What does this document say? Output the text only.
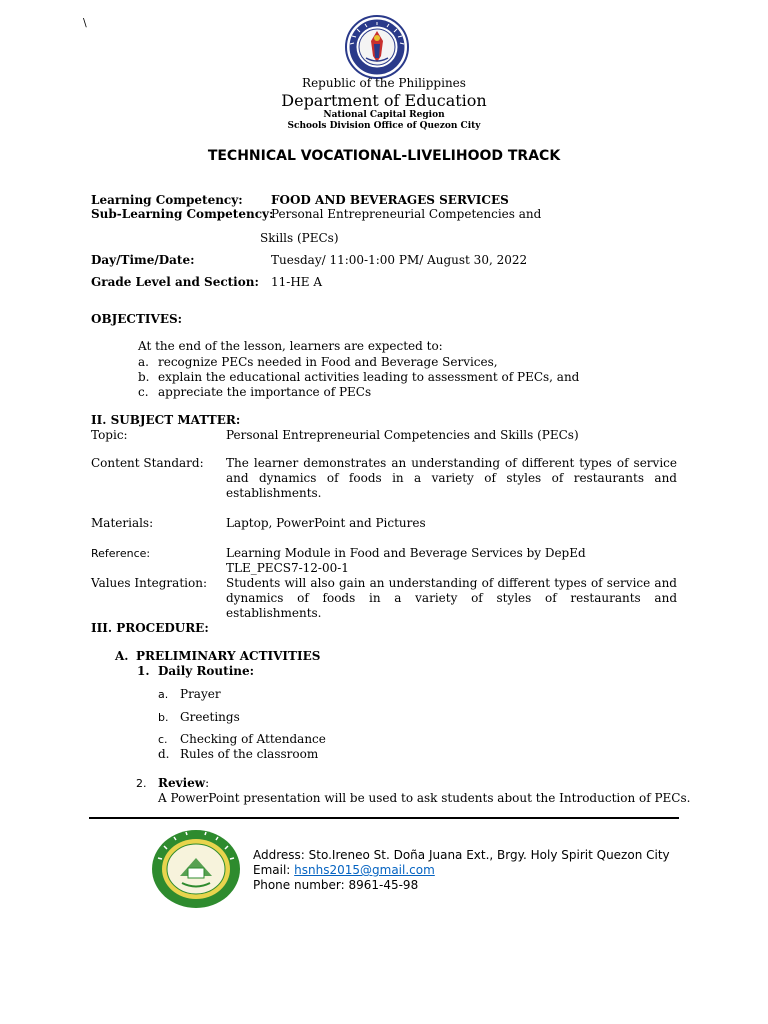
\
Republic of the Philippines
Department of Education
National Capital Region
Schools Division Office of Quezon City
TECHNICAL VOCATIONAL-LIVELIHOOD TRACK
Learning Competency: FOOD AND BEVERAGES SERVICES
Sub-Learning Competency:
Personal Entrepreneurial Competencies and
Skills (PECs)
Day/Time/Date:	Tuesday/ 11:00-1:00 PM/ August 30, 2022
Grade Level and Section: 11-HE A
OBJECTIVES:
At the end of the lesson, learners are expected to:
a. recognize PECs needed in Food and Beverage Services,
b. explain the educational activities leading to assessment of PECs, and
c. appreciate the importance of PECs
II. SUBJECT MATTER:
Topic:	Personal Entrepreneurial Competencies and Skills (PECs)
Content Standard: The learner demonstrates an understanding of different types of service and dynamics of foods in a variety of styles of restaurants and establishments.
Materials:	Laptop, PowerPoint and Pictures
Reference:	Learning Module in Food and Beverage Services by DepEd
TLE_PECS7-12-00-1
Values Integration: Students will also gain an understanding of different types of service and dynamics of foods in a variety of styles of restaurants and establishments.
III. PROCEDURE:
A. PRELIMINARY ACTIVITIES
1. Daily Routine:
a. Prayer
b. Greetings
c. Checking of Attendance
d. Rules of the classroom
2. Review:
A PowerPoint presentation will be used to ask students about the Introduction of PECs.
Address: Sto.Ireneo St. Doña Juana Ext., Brgy. Holy Spirit Quezon City
Email: hsnhs2015@gmail.com
Phone number: 8961-45-98
